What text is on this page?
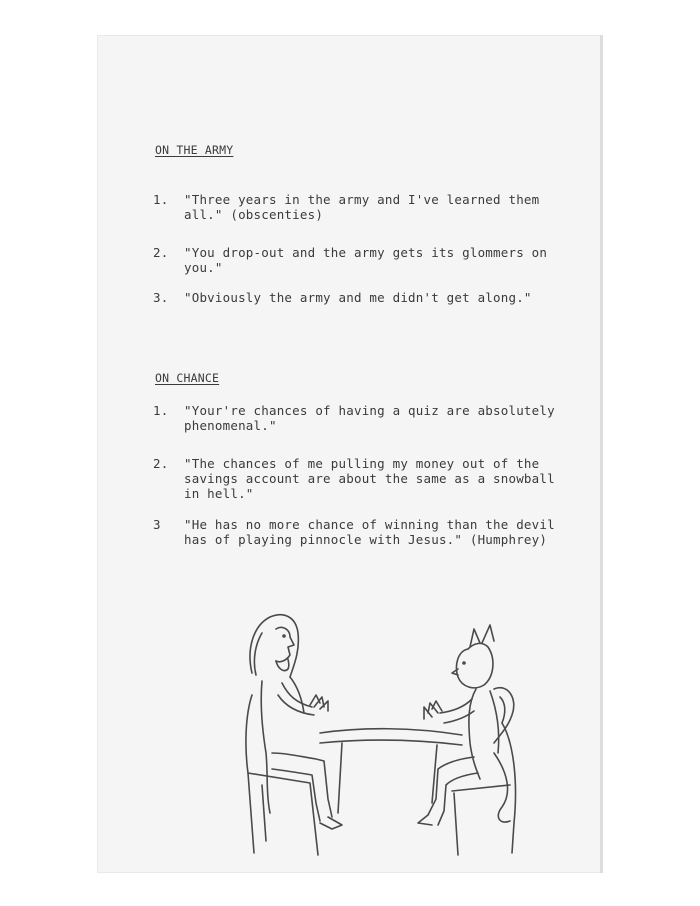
ON THE ARMY
1.	"Three years in the army and I've learned them
all." (obscenties)
2.	"You drop-out and the army gets its glommers on
you."
3.	"Obviously the army and me didn't get along."
ON CHANCE
1.	"Your're chances of having a quiz are absolutely
phenomenal."
2.	"The chances of me pulling my money out of the
savings account are about the same as a snowball
in hell."
3	"He has no more chance of winning than the devil
has of playing pinnocle with Jesus." (Humphrey)
